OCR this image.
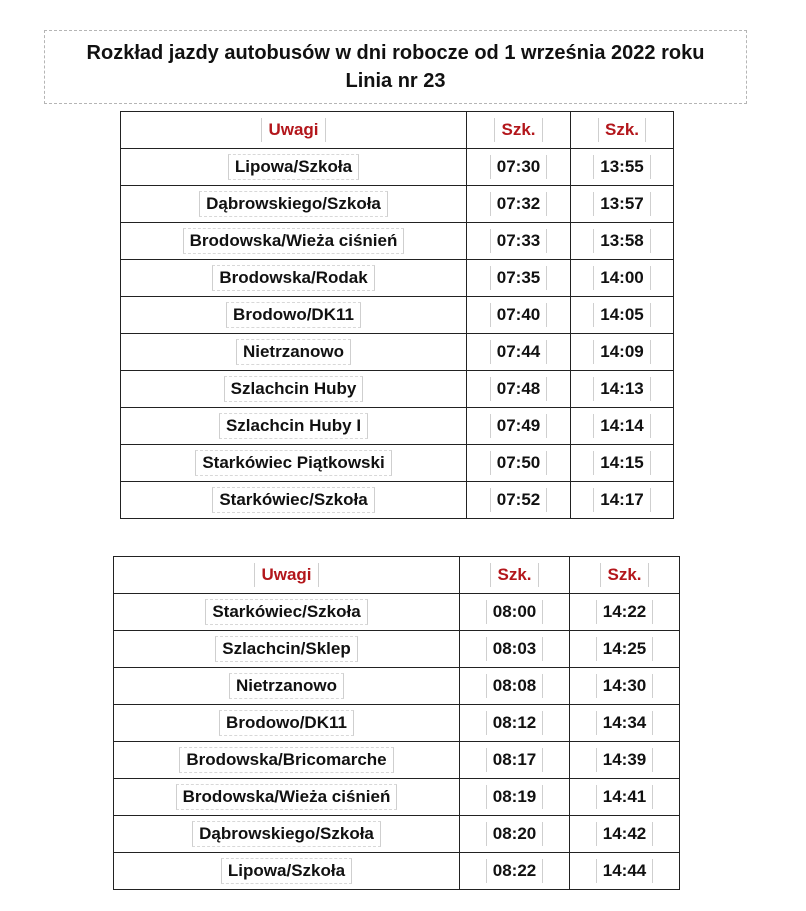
Rozkład jazdy autobusów w dni robocze od 1 września 2022 roku
Linia nr 23
Uwagi	Szk.	Szk.
Lipowa/Szkoła	07:30	13:55
Dąbrowskiego/Szkoła	07:32	13:57
Brodowska/Wieża ciśnień	07:33	13:58
Brodowska/Rodak	07:35	14:00
Brodowo/DK11	07:40	14:05
Nietrzanowo	07:44	14:09
Szlachcin Huby	07:48	14:13
Szlachcin Huby I	07:49	14:14
Starkówiec Piątkowski	07:50	14:15
Starkówiec/Szkoła	07:52	14:17
Uwagi	Szk.	Szk.
Starkówiec/Szkoła	08:00	14:22
Szlachcin/Sklep	08:03	14:25
Nietrzanowo	08:08	14:30
Brodowo/DK11	08:12	14:34
Brodowska/Bricomarche	08:17	14:39
Brodowska/Wieża ciśnień	08:19	14:41
Dąbrowskiego/Szkoła	08:20	14:42
Lipowa/Szkoła	08:22	14:44
